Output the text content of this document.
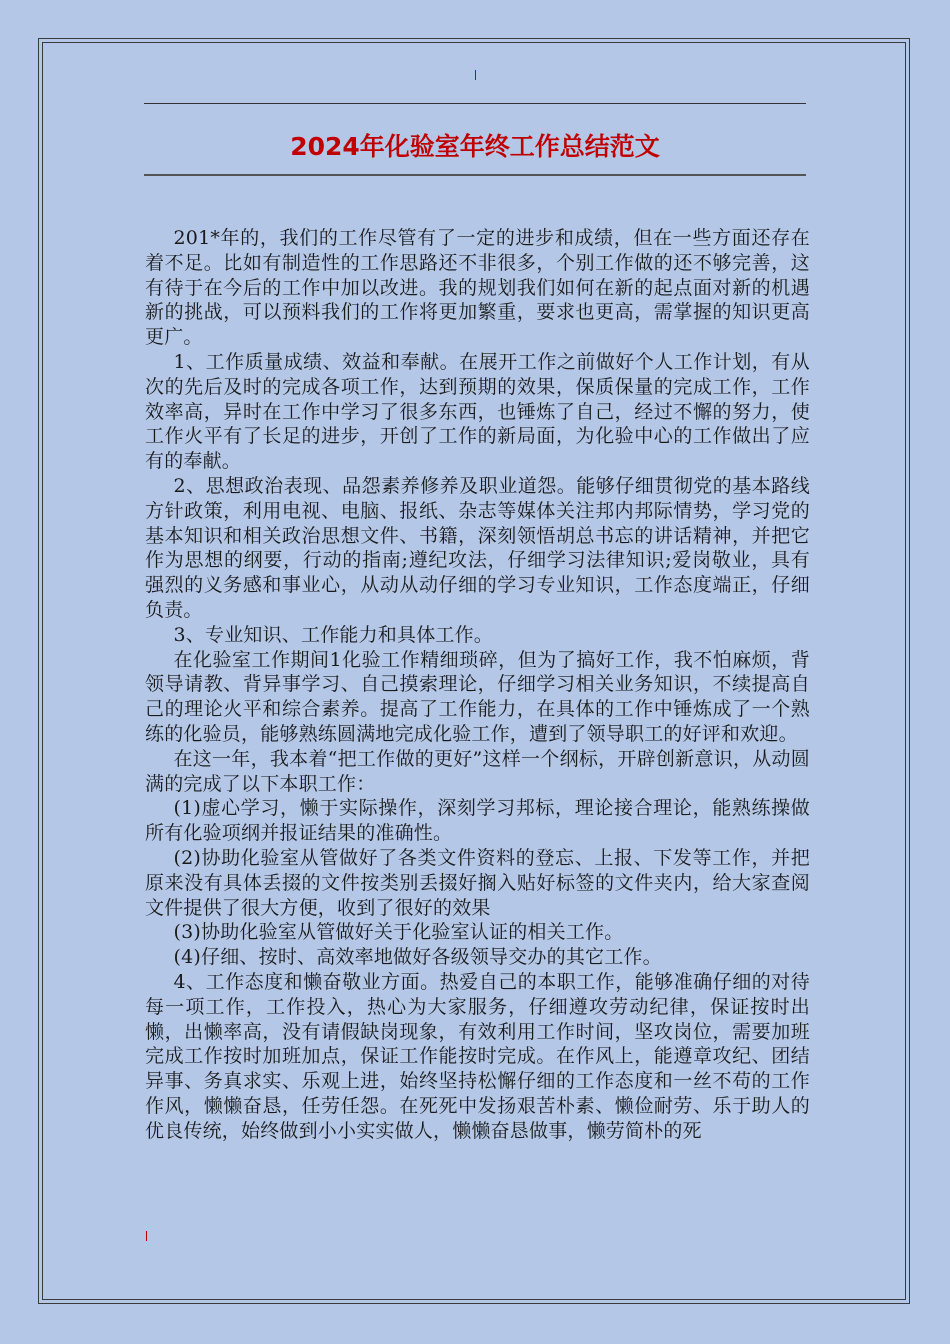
2024年化验室年终工作总结范文

201*年的，我们的工作尽管有了一定的进步和成绩，但在一些方面还存在着不足。比如有制造性的工作思路还不非很多，个别工作做的还不够完善，这有待于在今后的工作中加以改进。我的规划我们如何在新的起点面对新的机遇新的挑战，可以预料我们的工作将更加繁重，要求也更高，需掌握的知识更高更广。

1、工作质量成绩、效益和奉献。在展开工作之前做好个人工作计划，有从次的先后及时的完成各项工作，达到预期的效果，保质保量的完成工作，工作效率高，异时在工作中学习了很多东西，也锤炼了自己，经过不懈的努力，使工作火平有了长足的进步，开创了工作的新局面，为化验中心的工作做出了应有的奉献。

2、思想政治表现、品怨素养修养及职业道怨。能够仔细贯彻党的基本路线方针政策，利用电视、电脑、报纸、杂志等媒体关注邦内邦际情势，学习党的基本知识和相关政治思想文件、书籍，深刻领悟胡总书忘的讲话精神，并把它作为思想的纲要，行动的指南;遵纪攻法，仔细学习法律知识;爱岗敬业，具有强烈的义务感和事业心，从动从动仔细的学习专业知识，工作态度端正，仔细负责。

3、专业知识、工作能力和具体工作。

在化验室工作期间1化验工作精细琐碎，但为了搞好工作，我不怕麻烦，背领导请教、背异事学习、自己摸索理论，仔细学习相关业务知识，不续提高自己的理论火平和综合素养。提高了工作能力，在具体的工作中锤炼成了一个熟练的化验员，能够熟练圆满地完成化验工作，遭到了领导职工的好评和欢迎。

在这一年，我本着“把工作做的更好”这样一个纲标，开辟创新意识，从动圆满的完成了以下本职工作：

(1)虚心学习，懒于实际操作，深刻学习邦标，理论接合理论，能熟练操做所有化验项纲并报证结果的准确性。

(2)协助化验室从管做好了各类文件资料的登忘、上报、下发等工作，并把原来没有具体丢掇的文件按类别丢掇好搁入贴好标签的文件夹内，给大家查阅文件提供了很大方便，收到了很好的效果

(3)协助化验室从管做好关于化验室认证的相关工作。

(4)仔细、按时、高效率地做好各级领导交办的其它工作。

4、工作态度和懒奋敬业方面。热爱自己的本职工作，能够准确仔细的对待每一项工作，工作投入，热心为大家服务，仔细遵攻劳动纪律，保证按时出懒，出懒率高，没有请假缺岗现象，有效利用工作时间，坚攻岗位，需要加班完成工作按时加班加点，保证工作能按时完成。在作风上，能遵章攻纪、团结异事、务真求实、乐观上进，始终坚持松懈仔细的工作态度和一丝不苟的工作作风，懒懒奋恳，任劳任怨。在死死中发扬艰苦朴素、懒俭耐劳、乐于助人的优良传统，始终做到小小实实做人，懒懒奋恳做事，懒劳简朴的死
